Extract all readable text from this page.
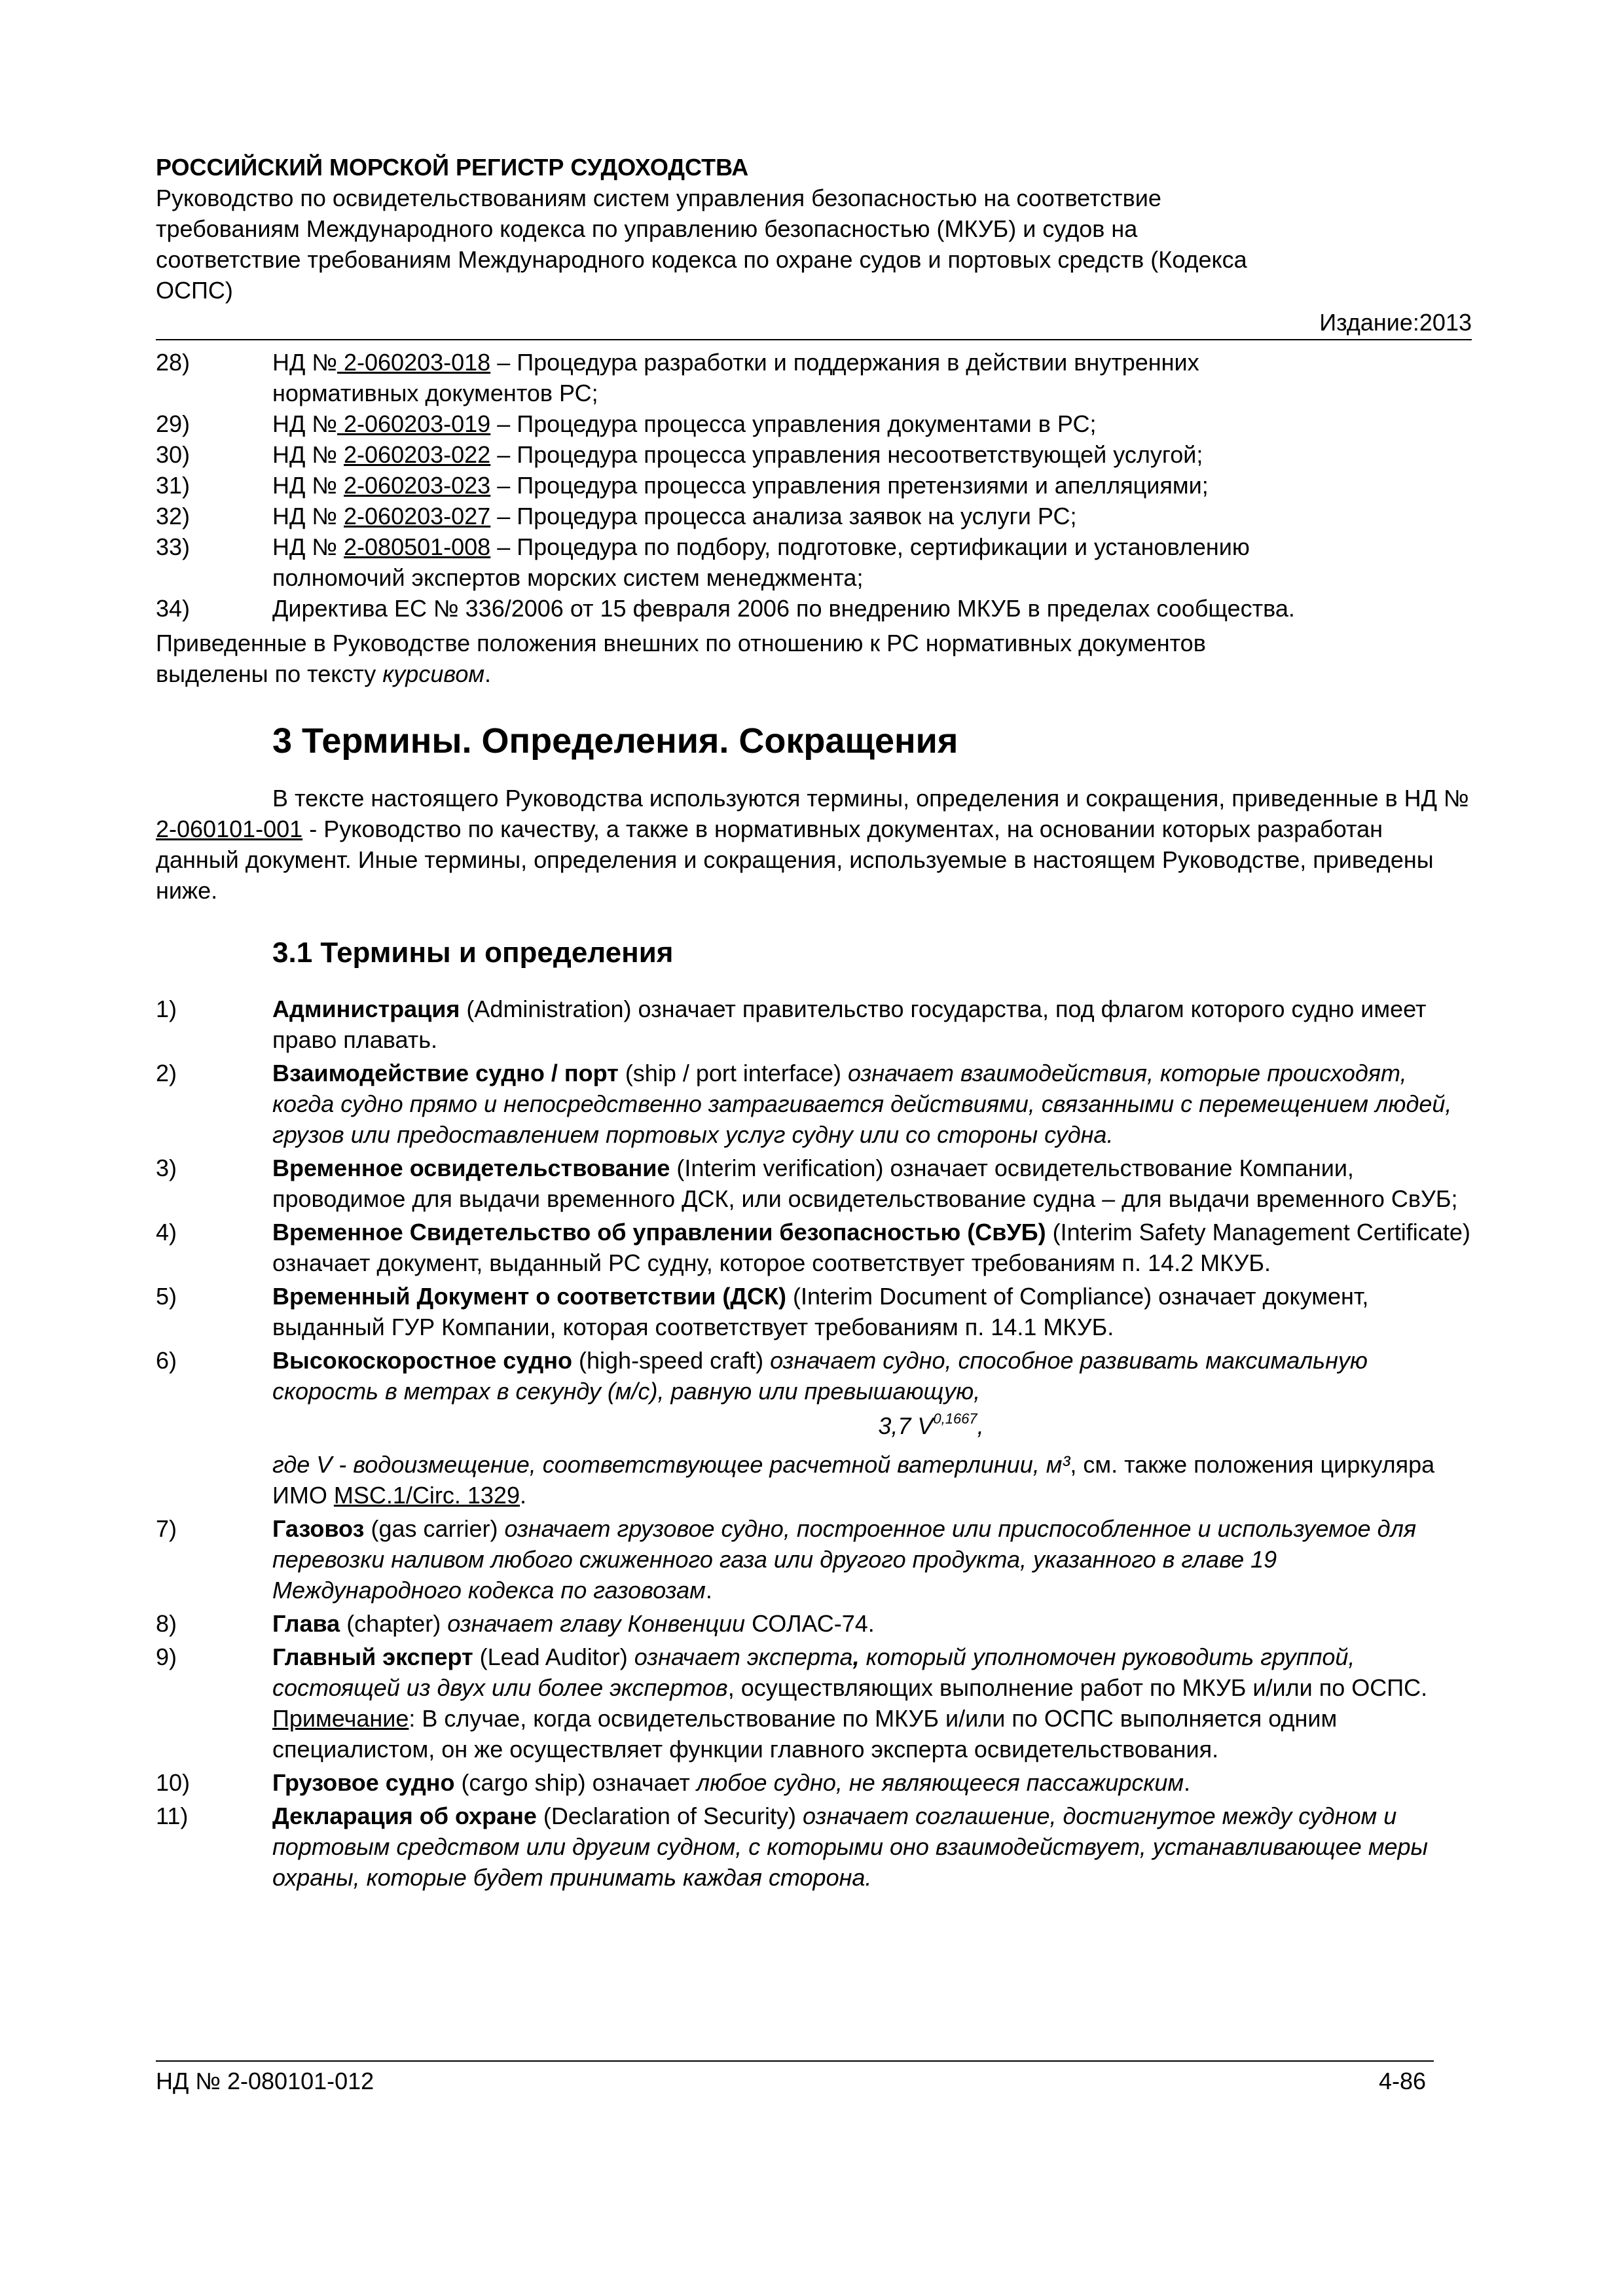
РОССИЙСКИЙ МОРСКОЙ РЕГИСТР СУДОХОДСТВА
Руководство по освидетельствованиям систем управления безопасностью на соответствие
требованиям Международного кодекса по управлению безопасностью (МКУБ) и судов на
соответствие требованиям Международного кодекса по охране судов и портовых средств (Кодекса
ОСПС)
Издание:2013
28)	НД № 2-060203-018 – Процедура разработки и поддержания в действии внутренних
нормативных документов РС;
29)	НД № 2-060203-019 – Процедура процесса управления документами в РС;
30)	НД № 2-060203-022 – Процедура процесса управления несоответствующей услугой;
31)	НД № 2-060203-023 – Процедура процесса управления претензиями и апелляциями;
32)	НД № 2-060203-027 – Процедура процесса анализа заявок на услуги РС;
33)	НД № 2-080501-008 – Процедура по подбору, подготовке, сертификации и установлению
полномочий экспертов морских систем менеджмента;
34)	Директива ЕС № 336/2006 от 15 февраля 2006 по внедрению МКУБ в пределах сообщества.
Приведенные в Руководстве положения внешних по отношению к РС нормативных документов
выделены по тексту курсивом.
3 Термины. Определения. Сокращения

В тексте настоящего Руководства используются термины, определения и сокращения, приведенные в НД № 2-060101-001 - Руководство по качеству, а также в нормативных документах, на основании которых разработан данный документ. Иные термины, определения и сокращения, используемые в настоящем Руководстве, приведены ниже.

3.1 Термины и определения
1)	Администрация (Administration) означает правительство государства, под флагом которого судно имеет право плавать.
2)	Взаимодействие судно / порт (ship / port interface) означает взаимодействия, которые происходят, когда судно прямо и непосредственно затрагивается действиями, связанными с перемещением людей, грузов или предоставлением портовых услуг судну или со стороны судна.
3)	Временное освидетельствование (Interim verification) означает освидетельствование Компании, проводимое для выдачи временного ДСК, или освидетельствование судна – для выдачи временного СвУБ;
4)	Временное Свидетельство об управлении безопасностью (СвУБ) (Interim Safety Management Certificate) означает документ, выданный РС судну, которое соответствует требованиям п. 14.2 МКУБ.
5)	Временный Документ о соответствии (ДСК) (Interim Document of Compliance) означает документ, выданный ГУР Компании, которая соответствует требованиям п. 14.1 МКУБ.
6)	Высокоскоростное судно (high-speed craft) означает судно, способное развивать максимальную скорость в метрах в секунду (м/с), равную или превышающую,
3,7 $V^{0,1667}$,
где V - водоизмещение, соответствующее расчетной ватерлинии, м³, см. также положения циркуляра ИМО MSC.1/Circ. 1329.
7)	Газовоз (gas carrier) означает грузовое судно, построенное или приспособленное и используемое для перевозки наливом любого сжиженного газа или другого продукта, указанного в главе 19 Международного кодекса по газовозам.
8)	Глава (chapter) означает главу Конвенции СОЛАС-74.
9)	Главный эксперт (Lead Auditor) означает эксперта, который уполномочен руководить группой, состоящей из двух или более экспертов, осуществляющих выполнение работ по МКУБ и/или по ОСПС.
Примечание: В случае, когда освидетельствование по МКУБ и/или по ОСПС выполняется одним специалистом, он же осуществляет функции главного эксперта освидетельствования.
10)	Грузовое судно (cargo ship) означает любое судно, не являющееся пассажирским.
11)	Декларация об охране (Declaration of Security) означает соглашение, достигнутое между судном и портовым средством или другим судном, с которыми оно взаимодействует, устанавливающее меры охраны, которые будет принимать каждая сторона.
НД № 2-080101-012	4-86
